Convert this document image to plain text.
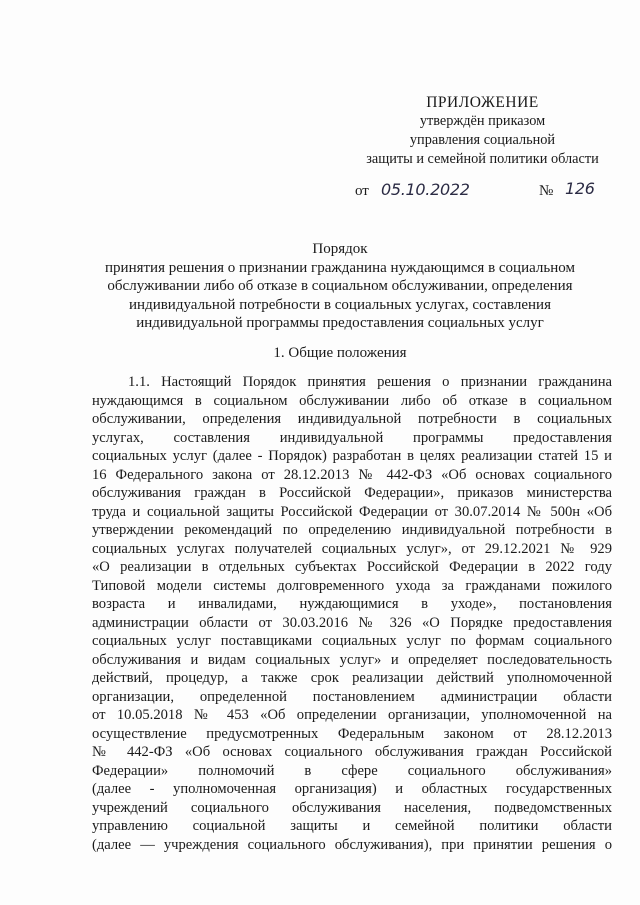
ПРИЛОЖЕНИЕ
утверждён приказом
управления социальной
защиты и семейной политики области
от 05.10.2022	№ 126
Порядок
принятия решения о признании гражданина нуждающимся в социальном
обслуживании либо об отказе в социальном обслуживании, определения
индивидуальной потребности в социальных услугах, составления
индивидуальной программы предоставления социальных услуг
1. Общие положения
1.1. Настоящий Порядок принятия решения о признании гражданина
нуждающимся в социальном обслуживании либо об отказе в социальном
обслуживании, определения индивидуальной потребности в социальных
услугах, составления индивидуальной программы предоставления
социальных услуг (далее - Порядок) разработан в целях реализации статей 15 и
16 Федерального закона от 28.12.2013 № 442-ФЗ «Об основах социального
обслуживания граждан в Российской Федерации», приказов министерства
труда и социальной защиты Российской Федерации от 30.07.2014 № 500н «Об
утверждении рекомендаций по определению индивидуальной потребности в
социальных услугах получателей социальных услуг», от 29.12.2021 № 929
«О реализации в отдельных субъектах Российской Федерации в 2022 году
Типовой модели системы долговременного ухода за гражданами пожилого
возраста и инвалидами, нуждающимися в уходе», постановления
администрации области от 30.03.2016 № 326 «О Порядке предоставления
социальных услуг поставщиками социальных услуг по формам социального
обслуживания и видам социальных услуг» и определяет последовательность
действий, процедур, а также срок реализации действий уполномоченной
организации, определенной постановлением администрации области
от 10.05.2018 № 453 «Об определении организации, уполномоченной на
осуществление предусмотренных Федеральным законом от 28.12.2013
№ 442-ФЗ «Об основах социального обслуживания граждан Российской
Федерации» полномочий в сфере социального обслуживания»
(далее - уполномоченная организация) и областных государственных
учреждений социального обслуживания населения, подведомственных
управлению социальной защиты и семейной политики области
(далее — учреждения социального обслуживания), при принятии решения о
